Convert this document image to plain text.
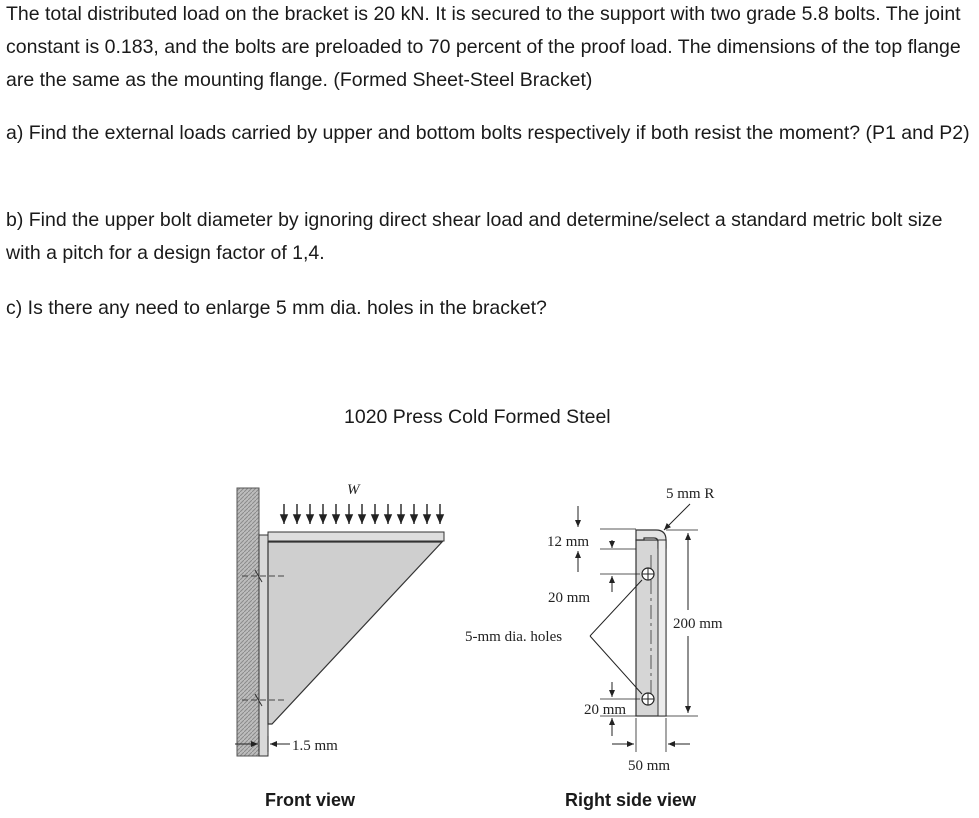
The total distributed load on the bracket is 20 kN. It is secured to the support with two grade 5.8 bolts. The joint constant is 0.183, and the bolts are preloaded to 70 percent of the proof load. The dimensions of the top flange are the same as the mounting flange. (Formed Sheet-Steel Bracket)

a) Find the external loads carried by upper and bottom bolts respectively if both resist the moment? (P1 and P2)

b) Find the upper bolt diameter by ignoring direct shear load and determine/select a standard metric bolt size with a pitch for a design factor of 1,4.

c) Is there any need to enlarge 5 mm dia. holes in the bracket?

1020 Press Cold Formed Steel
W
1.5 mm
5 mm R
12 mm
20 mm
200 mm
5-mm dia. holes
20 mm
50 mm
Front view	Right side view
